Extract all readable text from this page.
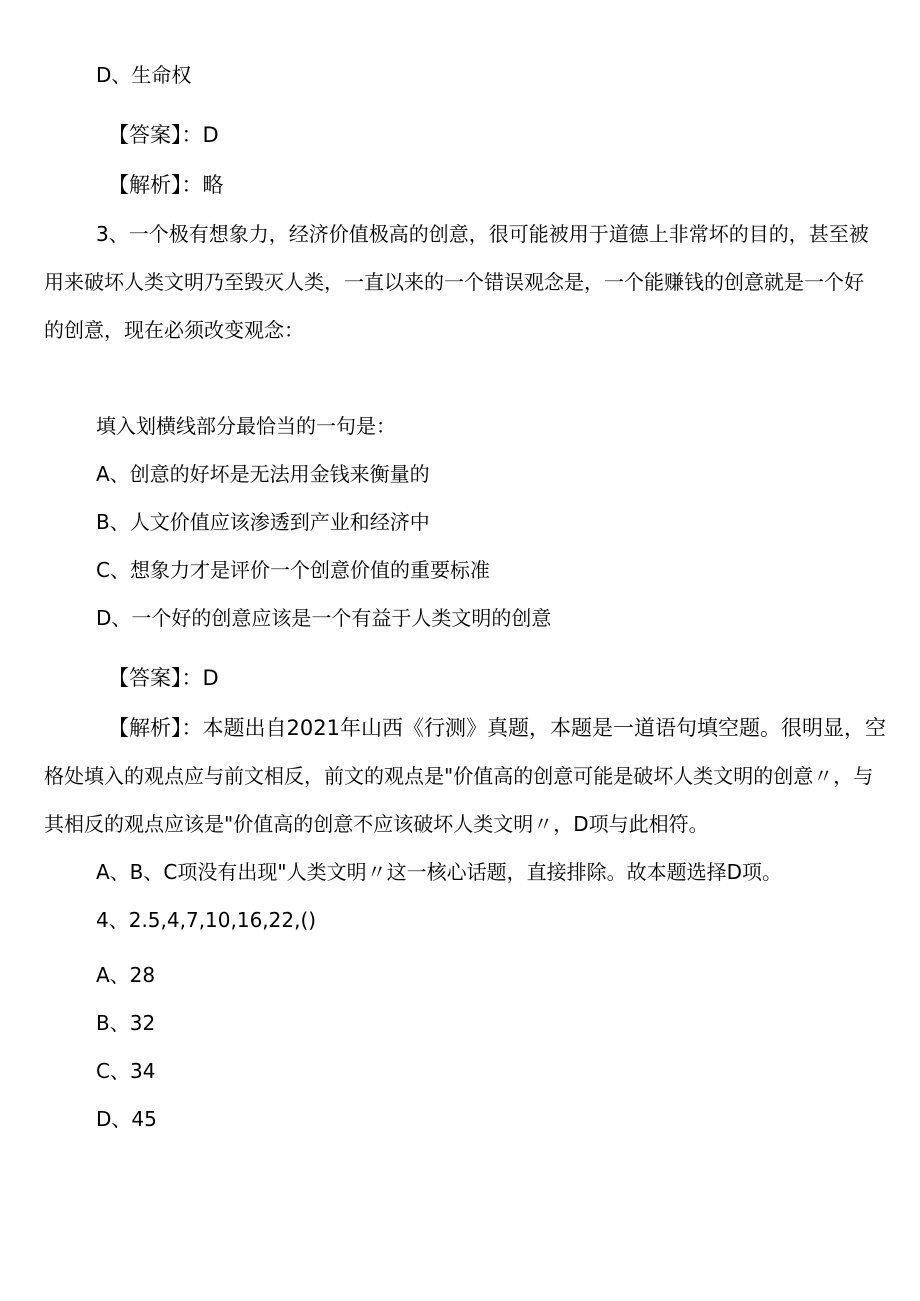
D、生命权
【答案】：D
【解析】：略
3、一个极有想象力，经济价值极高的创意，很可能被用于道德上非常坏的目的，甚至被
用来破坏人类文明乃至毁灭人类，一直以来的一个错误观念是，一个能赚钱的创意就是一个好
的创意，现在必须改变观念：
填入划横线部分最恰当的一句是：
A、创意的好坏是无法用金钱来衡量的
B、人文价值应该渗透到产业和经济中
C、想象力才是评价一个创意价值的重要标准
D、一个好的创意应该是一个有益于人类文明的创意
【答案】：D
【解析】：本题出自2021年山西《行测》真题，本题是一道语句填空题。很明显，空
格处填入的观点应与前文相反，前文的观点是"价值高的创意可能是破坏人类文明的创意〃，与
其相反的观点应该是"价值高的创意不应该破坏人类文明〃，D项与此相符。
A、B、C项没有出现"人类文明〃这一核心话题，直接排除。故本题选择D项。
4、2.5,4,7,10,16,22,()
A、28
B、32
C、34
D、45
